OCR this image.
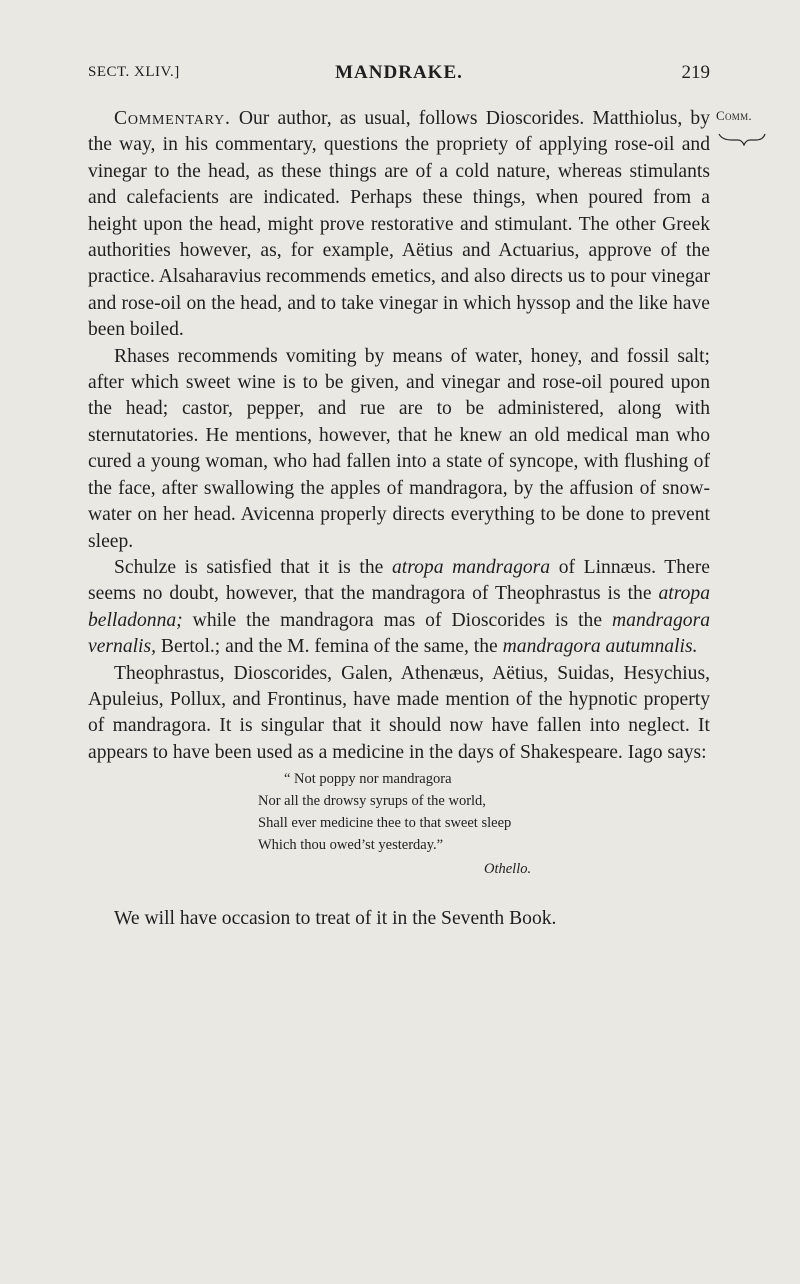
SECT. XLIV.]	MANDRAKE.	219
Comm.

Commentary. Our author, as usual, follows Dioscorides. Matthiolus, by the way, in his commentary, questions the propriety of applying rose-oil and vinegar to the head, as these things are of a cold nature, whereas stimulants and calefacients are indicated. Perhaps these things, when poured from a height upon the head, might prove restorative and stimulant. The other Greek authorities however, as, for example, Aëtius and Actuarius, approve of the practice. Alsaharavius recommends emetics, and also directs us to pour vinegar and rose-oil on the head, and to take vinegar in which hyssop and the like have been boiled.

Rhases recommends vomiting by means of water, honey, and fossil salt; after which sweet wine is to be given, and vinegar and rose-oil poured upon the head; castor, pepper, and rue are to be administered, along with sternutatories. He mentions, however, that he knew an old medical man who cured a young woman, who had fallen into a state of syncope, with flushing of the face, after swallowing the apples of mandragora, by the affusion of snow-water on her head. Avicenna properly directs everything to be done to prevent sleep.

Schulze is satisfied that it is the atropa mandragora of Linnæus. There seems no doubt, however, that the mandragora of Theophrastus is the atropa belladonna; while the mandragora mas of Dioscorides is the mandragora vernalis, Bertol.; and the M. femina of the same, the mandragora autumnalis.

Theophrastus, Dioscorides, Galen, Athenæus, Aëtius, Suidas, Hesychius, Apuleius, Pollux, and Frontinus, have made mention of the hypnotic property of mandragora. It is singular that it should now have fallen into neglect. It appears to have been used as a medicine in the days of Shakespeare. Iago says:

“ Not poppy nor mandragora
Nor all the drowsy syrups of the world,
Shall ever medicine thee to that sweet sleep
Which thou owed’st yesterday.”
Othello.

We will have occasion to treat of it in the Seventh Book.
